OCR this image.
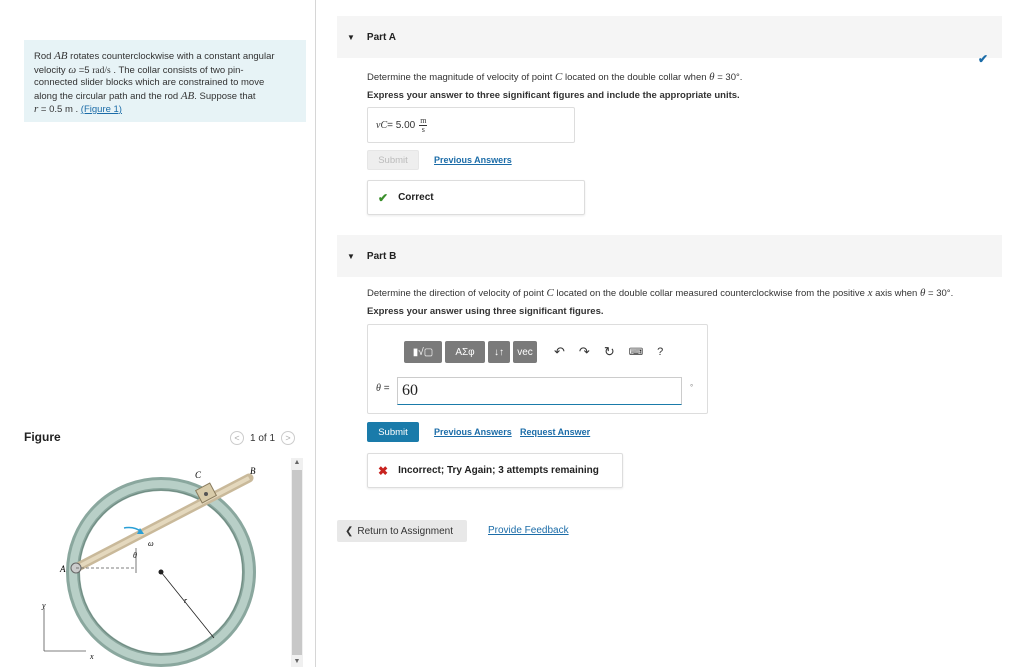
Rod AB rotates counterclockwise with a constant angular
velocity ω =5 rad/s . The collar consists of two pin-
connected slider blocks which are constrained to move
along the circular path and the rod AB. Suppose that
r = 0.5 m . (Figure 1)
Figure	<	1 of 1	>
A
B
C
ω
θ
r
y
x
▲
▼
▼ Part A
✔
Determine the magnitude of velocity of point C located on the double collar when θ = 30°.
Express your answer to three significant figures and include the appropriate units.
vC = $5.00 \frac{m}{s}$
Submit	Previous Answers
✔ Correct
▼ Part B
Determine the direction of velocity of point C located on the double collar measured counterclockwise from the positive x axis when θ = 30°.
Express your answer using three significant figures.
▮√▢	ΑΣφ	↓↑	vec	↶ ↷ ↻ ⌨ ?
θ = 60	°
Submit	Previous Answers Request Answer
✖ Incorrect; Try Again; 3 attempts remaining
❮ Return to Assignment	Provide Feedback
